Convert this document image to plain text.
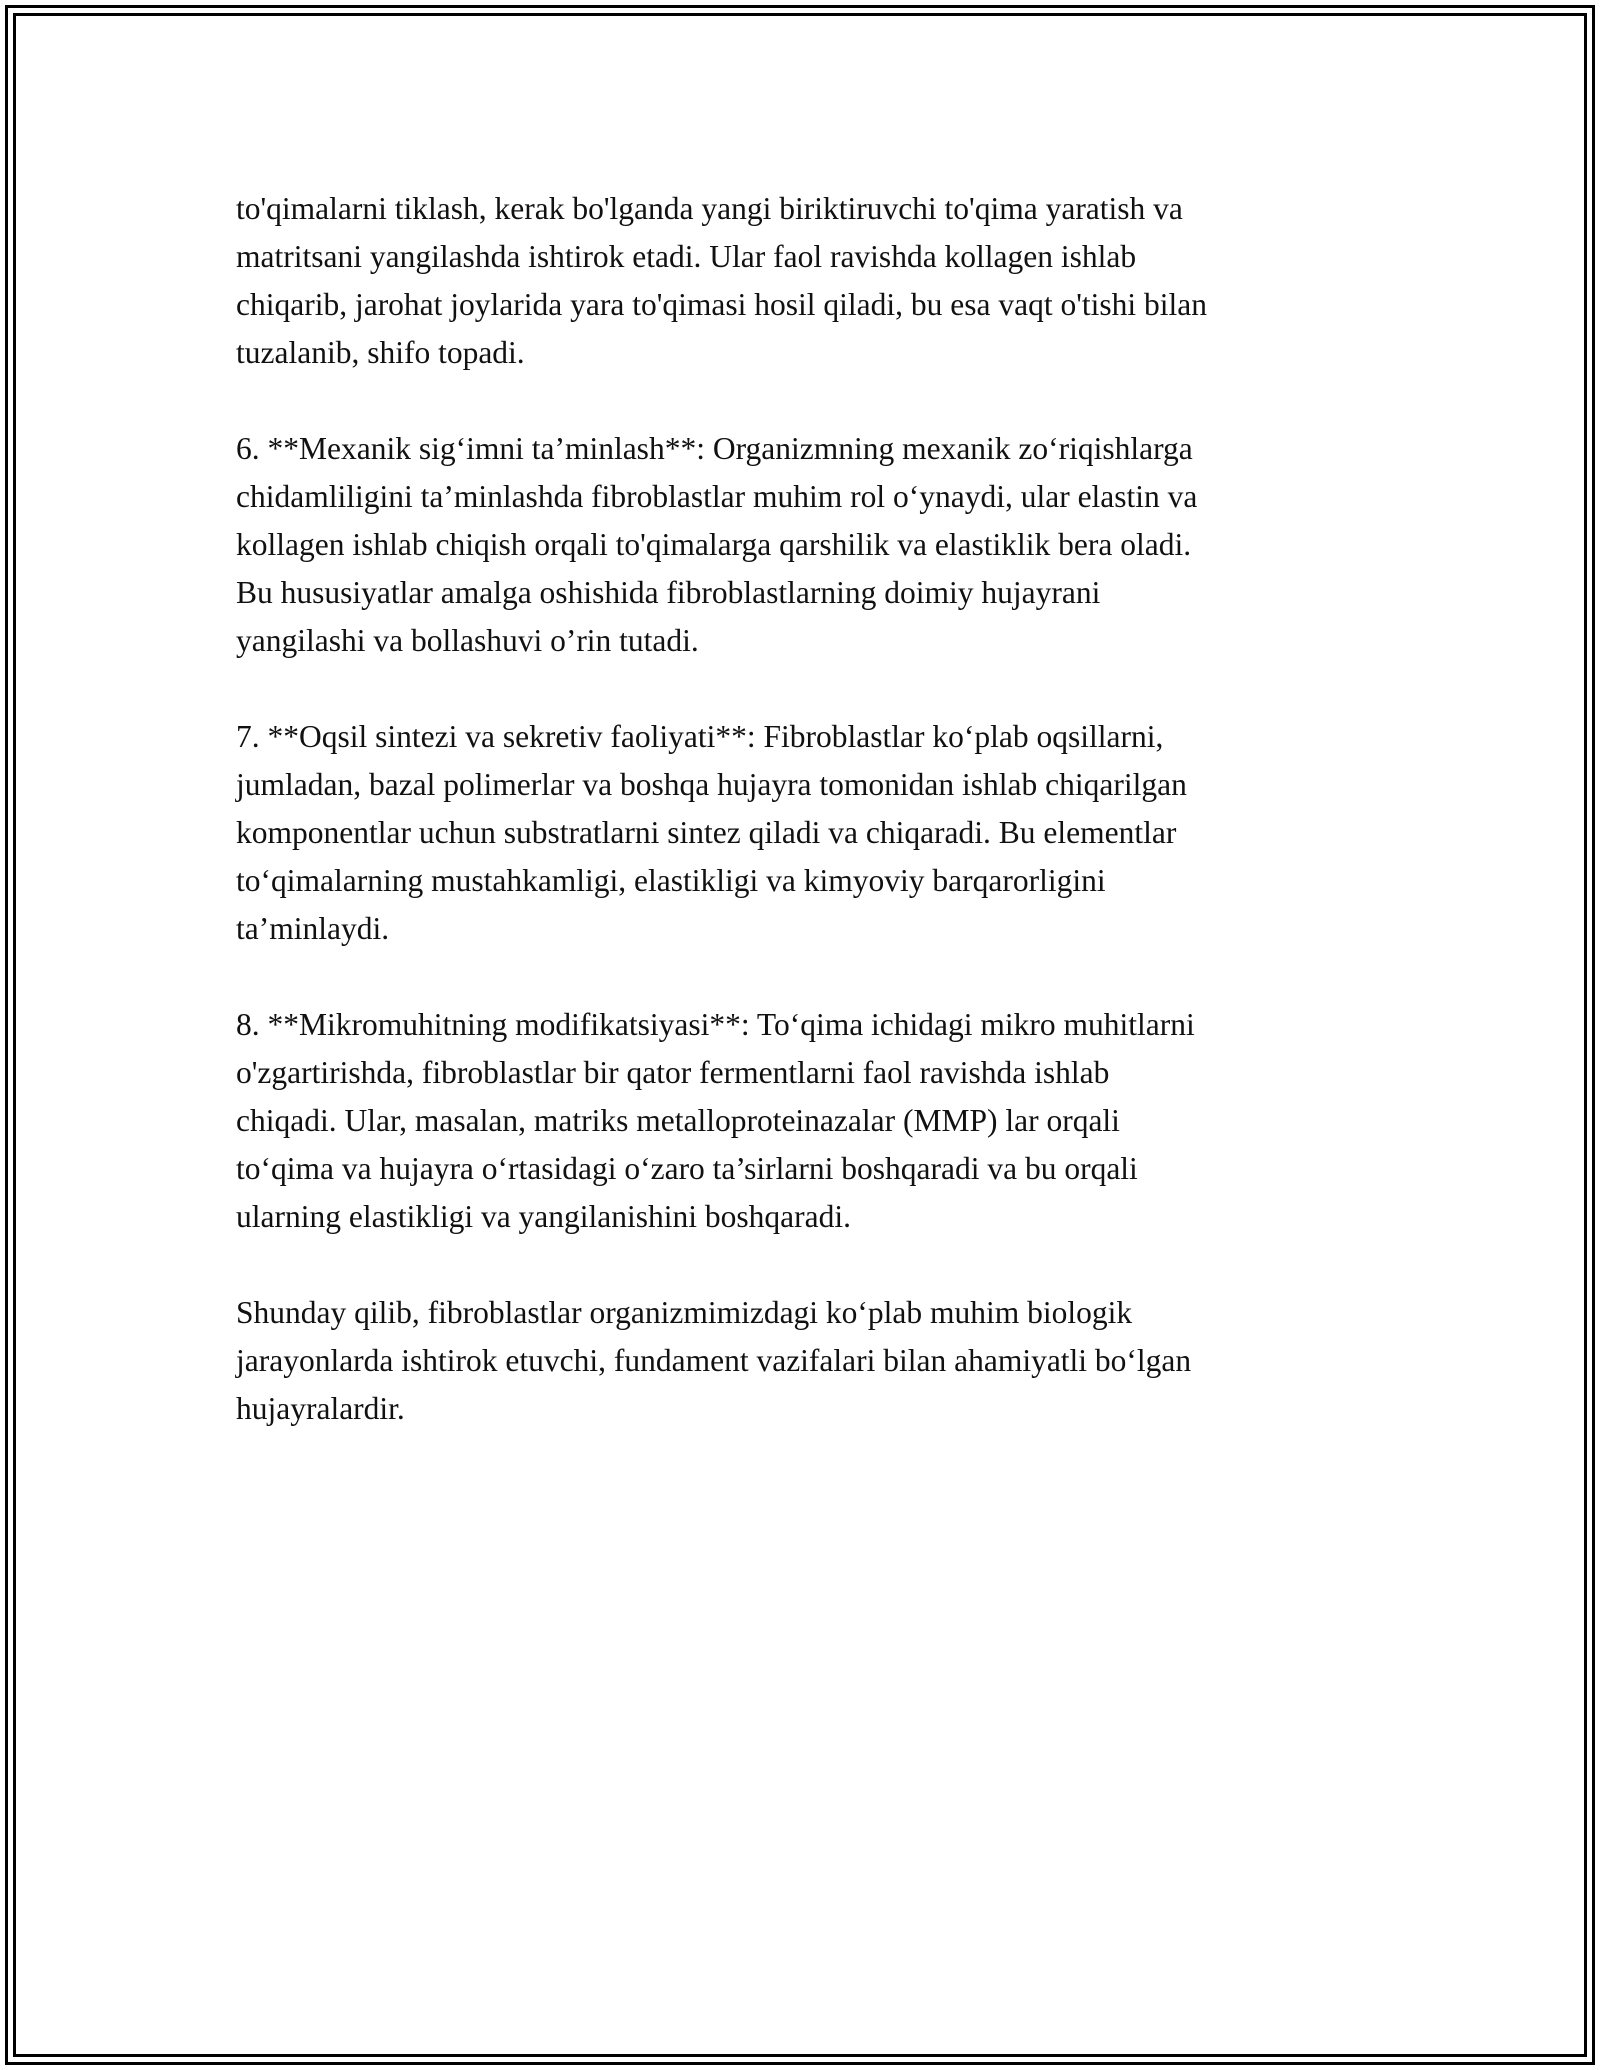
to'qimalarni tiklash, kerak bo'lganda yangi biriktiruvchi to'qima yaratish va
matritsani yangilashda ishtirok etadi. Ular faol ravishda kollagen ishlab
chiqarib, jarohat joylarida yara to'qimasi hosil qiladi, bu esa vaqt o'tishi bilan
tuzalanib, shifo topadi.

6. **Mexanik sig‘imni ta’minlash**: Organizmning mexanik zo‘riqishlarga
chidamliligini ta’minlashda fibroblastlar muhim rol o‘ynaydi, ular elastin va
kollagen ishlab chiqish orqali to'qimalarga qarshilik va elastiklik bera oladi.
Bu hususiyatlar amalga oshishida fibroblastlarning doimiy hujayrani
yangilashi va bollashuvi o’rin tutadi.

7. **Oqsil sintezi va sekretiv faoliyati**: Fibroblastlar ko‘plab oqsillarni,
jumladan, bazal polimerlar va boshqa hujayra tomonidan ishlab chiqarilgan
komponentlar uchun substratlarni sintez qiladi va chiqaradi. Bu elementlar
to‘qimalarning mustahkamligi, elastikligi va kimyoviy barqarorligini
ta’minlaydi.

8. **Mikromuhitning modifikatsiyasi**: To‘qima ichidagi mikro muhitlarni
o'zgartirishda, fibroblastlar bir qator fermentlarni faol ravishda ishlab
chiqadi. Ular, masalan, matriks metalloproteinazalar (MMP) lar orqali
to‘qima va hujayra o‘rtasidagi o‘zaro ta’sirlarni boshqaradi va bu orqali
ularning elastikligi va yangilanishini boshqaradi.

Shunday qilib, fibroblastlar organizmimizdagi ko‘plab muhim biologik
jarayonlarda ishtirok etuvchi, fundament vazifalari bilan ahamiyatli bo‘lgan
hujayralardir.
